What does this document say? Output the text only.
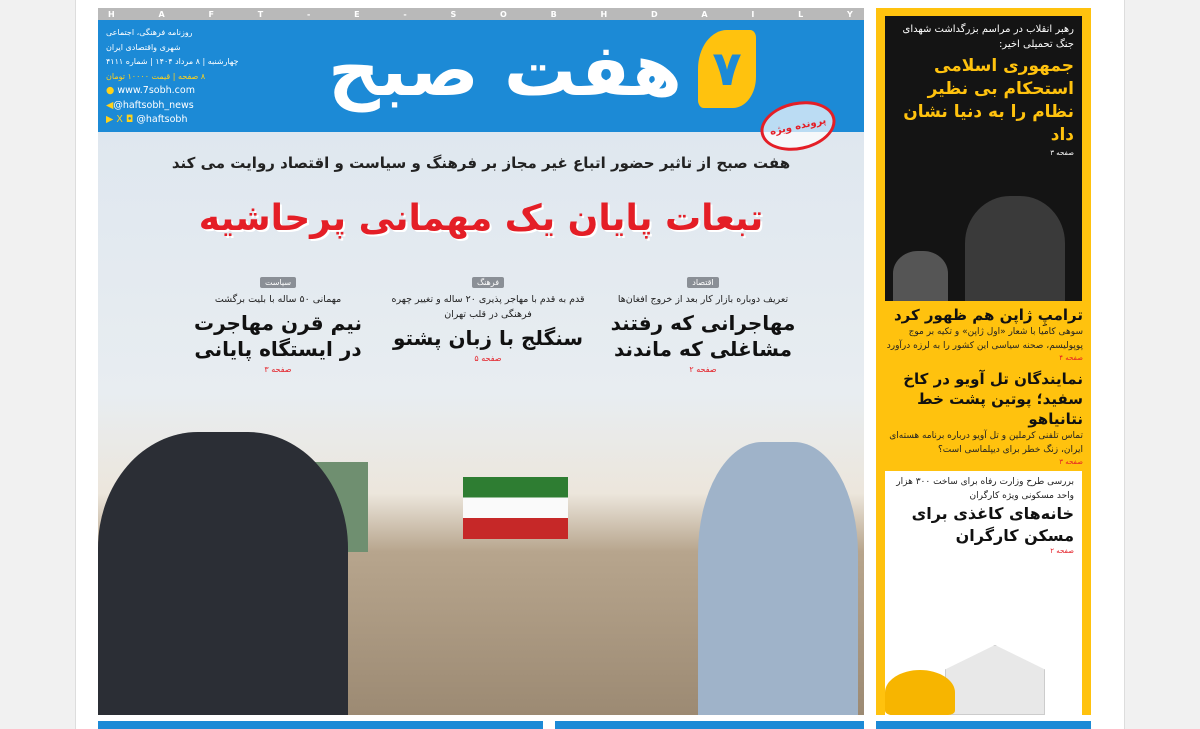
H	A	F	T	-	E	-	S	O	B	H	D	A	I	L	Y
روزنامه فرهنگی، اجتماعی
شهری واقتصادی ایران
چهارشنبه | ۸ مرداد ۱۴۰۴ | شماره ۴۱۱۱
۸ صفحه | قیمت ۱۰۰۰۰ تومان
● www.7sobh.com
◀@haftsobh_news
▶ X ◘ @haftsobh
هفت صبح ۷
پرونده ویژه
هفت صبح از تاثیر حضور اتباع غیر مجاز بر فرهنگ و سیاست و اقتصاد روایت می کند
تبعات پایان یک مهمانی پرحاشیه
اقتصاد
تعریف دوباره بازار کار بعد از خروج افغان‌ها
مهاجرانی که رفتند مشاغلی که ماندند
صفحه ۲
فرهنگ
قدم به قدم با مهاجر پذیری ۲۰ ساله و تغییر چهره فرهنگی در قلب تهران
سنگلج با زبان پشتو
صفحه ۵
سیاست
مهمانی ۵۰ ساله با بلیت برگشت
نیم قرن مهاجرت در ایستگاه پایانی
صفحه ۳
رهبر انقلاب در مراسم بزرگداشت شهدای جنگ تحمیلی اخیر:
جمهوری اسلامی استحکام بی نظیر نظام را به دنیا نشان داد
صفحه ۳
ترامپِ ژاپن هم ظهور کرد
سوهی کامیا با شعار «اول ژاپن» و تکیه بر موج پوپولیسم، صحنه سیاسی این کشور را به لرزه درآورد
صفحه ۴
نمایندگان تل آویو در کاخ سفید؛ پوتین پشت خط نتانیاهو
تماس تلفنی کرملین و تل آویو درباره برنامه هسته‌ای ایران، زنگ خطر برای دیپلماسی است؟
صفحه ۳
بررسی طرح وزارت رفاه برای ساخت ۳۰۰ هزار واحد مسکونی ویژه کارگران
خانه‌های کاغذی برای مسکن کارگران
صفحه ۲
